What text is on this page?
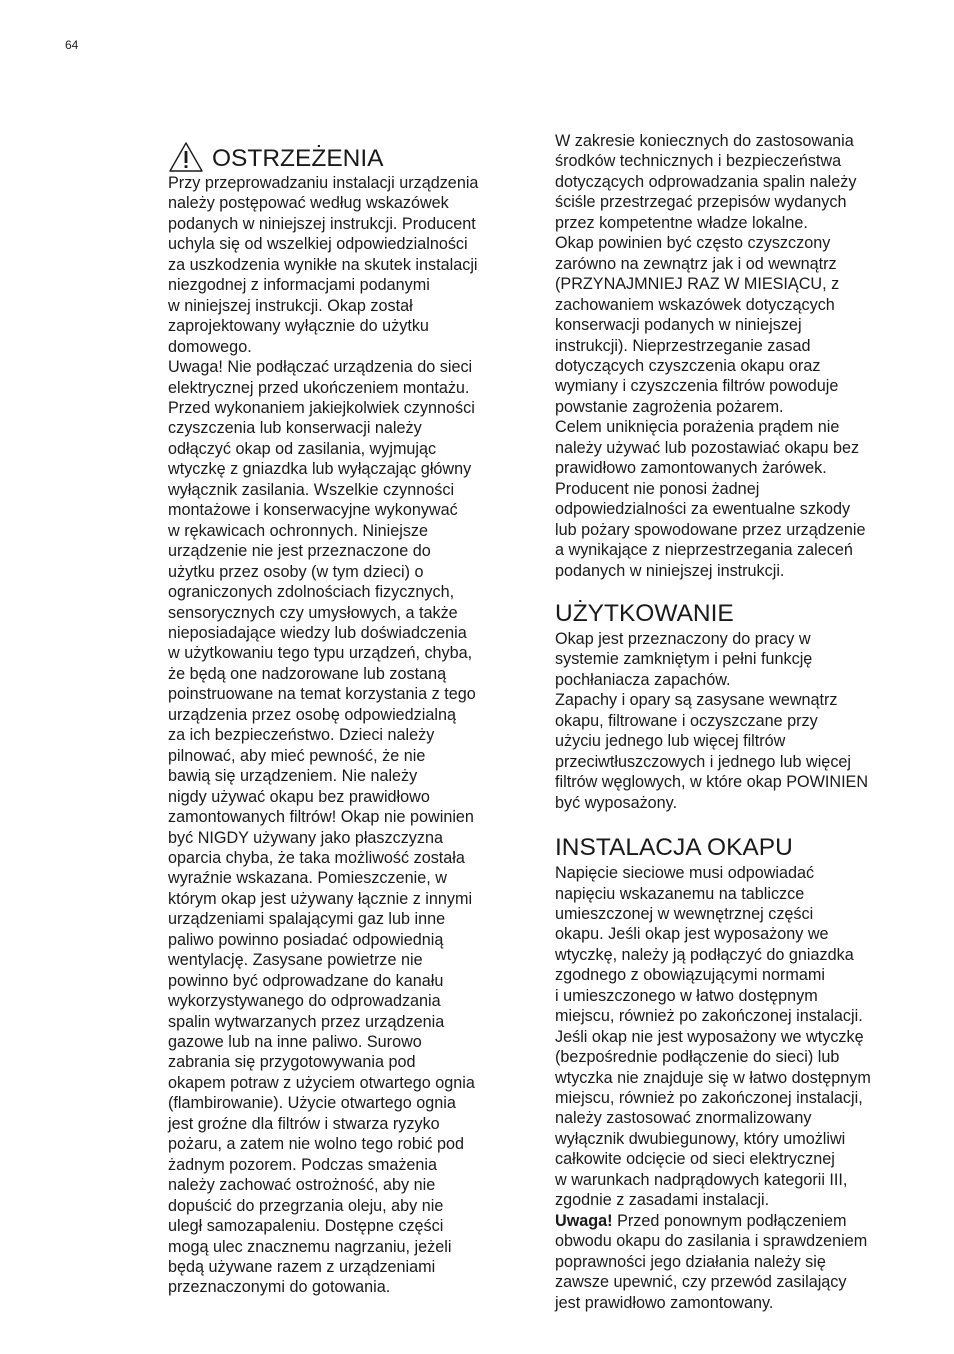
64
OSTRZEŻENIA

Przy przeprowadzaniu instalacji urządzenia
należy postępować według wskazówek
podanych w niniejszej instrukcji. Producent
uchyla się od wszelkiej odpowiedzialności
za uszkodzenia wynikłe na skutek instalacji
niezgodnej z informacjami podanymi
w niniejszej instrukcji. Okap został
zaprojektowany wyłącznie do użytku
domowego.
Uwaga! Nie podłączać urządzenia do sieci
elektrycznej przed ukończeniem montażu.
Przed wykonaniem jakiejkolwiek czynności
czyszczenia lub konserwacji należy
odłączyć okap od zasilania, wyjmując
wtyczkę z gniazdka lub wyłączając główny
wyłącznik zasilania. Wszelkie czynności
montażowe i konserwacyjne wykonywać
w rękawicach ochronnych. Niniejsze
urządzenie nie jest przeznaczone do
użytku przez osoby (w tym dzieci) o
ograniczonych zdolnościach fizycznych,
sensorycznych czy umysłowych, a także
nieposiadające wiedzy lub doświadczenia
w użytkowaniu tego typu urządzeń, chyba,
że będą one nadzorowane lub zostaną
poinstruowane na temat korzystania z tego
urządzenia przez osobę odpowiedzialną
za ich bezpieczeństwo. Dzieci należy
pilnować, aby mieć pewność, że nie
bawią się urządzeniem. Nie należy
nigdy używać okapu bez prawidłowo
zamontowanych filtrów! Okap nie powinien
być NIGDY używany jako płaszczyzna
oparcia chyba, że taka możliwość została
wyraźnie wskazana. Pomieszczenie, w
którym okap jest używany łącznie z innymi
urządzeniami spalającymi gaz lub inne
paliwo powinno posiadać odpowiednią
wentylację. Zasysane powietrze nie
powinno być odprowadzane do kanału
wykorzystywanego do odprowadzania
spalin wytwarzanych przez urządzenia
gazowe lub na inne paliwo. Surowo
zabrania się przygotowywania pod
okapem potraw z użyciem otwartego ognia
(flambirowanie). Użycie otwartego ognia
jest groźne dla filtrów i stwarza ryzyko
pożaru, a zatem nie wolno tego robić pod
żadnym pozorem. Podczas smażenia
należy zachować ostrożność, aby nie
dopuścić do przegrzania oleju, aby nie
uległ samozapaleniu. Dostępne części
mogą ulec znacznemu nagrzaniu, jeżeli
będą używane razem z urządzeniami
przeznaczonymi do gotowania.

W zakresie koniecznych do zastosowania
środków technicznych i bezpieczeństwa
dotyczących odprowadzania spalin należy
ściśle przestrzegać przepisów wydanych
przez kompetentne władze lokalne.
Okap powinien być często czyszczony
zarówno na zewnątrz jak i od wewnątrz
(PRZYNAJMNIEJ RAZ W MIESIĄCU, z
zachowaniem wskazówek dotyczących
konserwacji podanych w niniejszej
instrukcji). Nieprzestrzeganie zasad
dotyczących czyszczenia okapu oraz
wymiany i czyszczenia filtrów powoduje
powstanie zagrożenia pożarem.
Celem uniknięcia porażenia prądem nie
należy używać lub pozostawiać okapu bez
prawidłowo zamontowanych żarówek.
Producent nie ponosi żadnej
odpowiedzialności za ewentualne szkody
lub pożary spowodowane przez urządzenie
a wynikające z nieprzestrzegania zaleceń
podanych w niniejszej instrukcji.

UŻYTKOWANIE

Okap jest przeznaczony do pracy w
systemie zamkniętym i pełni funkcję
pochłaniacza zapachów.
Zapachy i opary są zasysane wewnątrz
okapu, filtrowane i oczyszczane przy
użyciu jednego lub więcej filtrów
przeciwtłuszczowych i jednego lub więcej
filtrów węglowych, w które okap POWINIEN
być wyposażony.

INSTALACJA OKAPU

Napięcie sieciowe musi odpowiadać
napięciu wskazanemu na tabliczce
umieszczonej w wewnętrznej części
okapu. Jeśli okap jest wyposażony we
wtyczkę, należy ją podłączyć do gniazdka
zgodnego z obowiązującymi normami
i umieszczonego w łatwo dostępnym
miejscu, również po zakończonej instalacji.
Jeśli okap nie jest wyposażony we wtyczkę
(bezpośrednie podłączenie do sieci) lub
wtyczka nie znajduje się w łatwo dostępnym
miejscu, również po zakończonej instalacji,
należy zastosować znormalizowany
wyłącznik dwubiegunowy, który umożliwi
całkowite odcięcie od sieci elektrycznej
w warunkach nadprądowych kategorii III,
zgodnie z zasadami instalacji.

Uwaga! Przed ponownym podłączeniem
obwodu okapu do zasilania i sprawdzeniem
poprawności jego działania należy się
zawsze upewnić, czy przewód zasilający
jest prawidłowo zamontowany.
